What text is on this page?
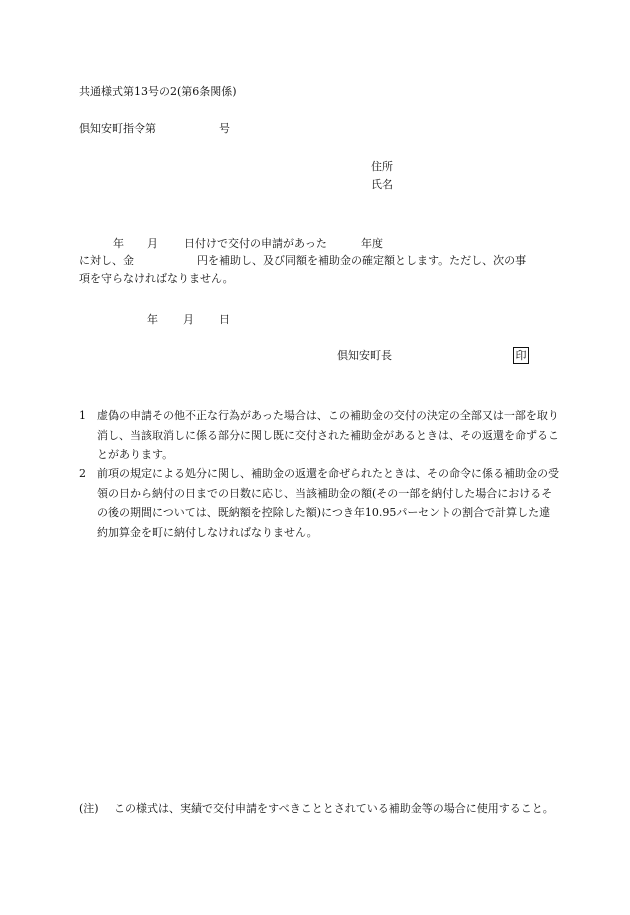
共通様式第13号の2(第6条関係)
倶知安町指令第	号
住所
氏名
年 月 日付けで交付の申請があった	年度
に対し、金	円を補助し、及び同額を補助金の確定額とします。ただし、次の事
項を守らなければなりません。
年 月 日
倶知安町長	印
1	虚偽の申請その他不正な行為があった場合は、この補助金の交付の決定の全部又は一部を取り消し、当該取消しに係る部分に関し既に交付された補助金があるときは、その返還を命ずることがあります。
2	前項の規定による処分に関し、補助金の返還を命ぜられたときは、その命令に係る補助金の受領の日から納付の日までの日数に応じ、当該補助金の額(その一部を納付した場合におけるその後の期間については、既納額を控除した額)につき年10.95パーセントの割合で計算した違約加算金を町に納付しなければなりません。
(注)	この様式は、実績で交付申請をすべきこととされている補助金等の場合に使用すること。
